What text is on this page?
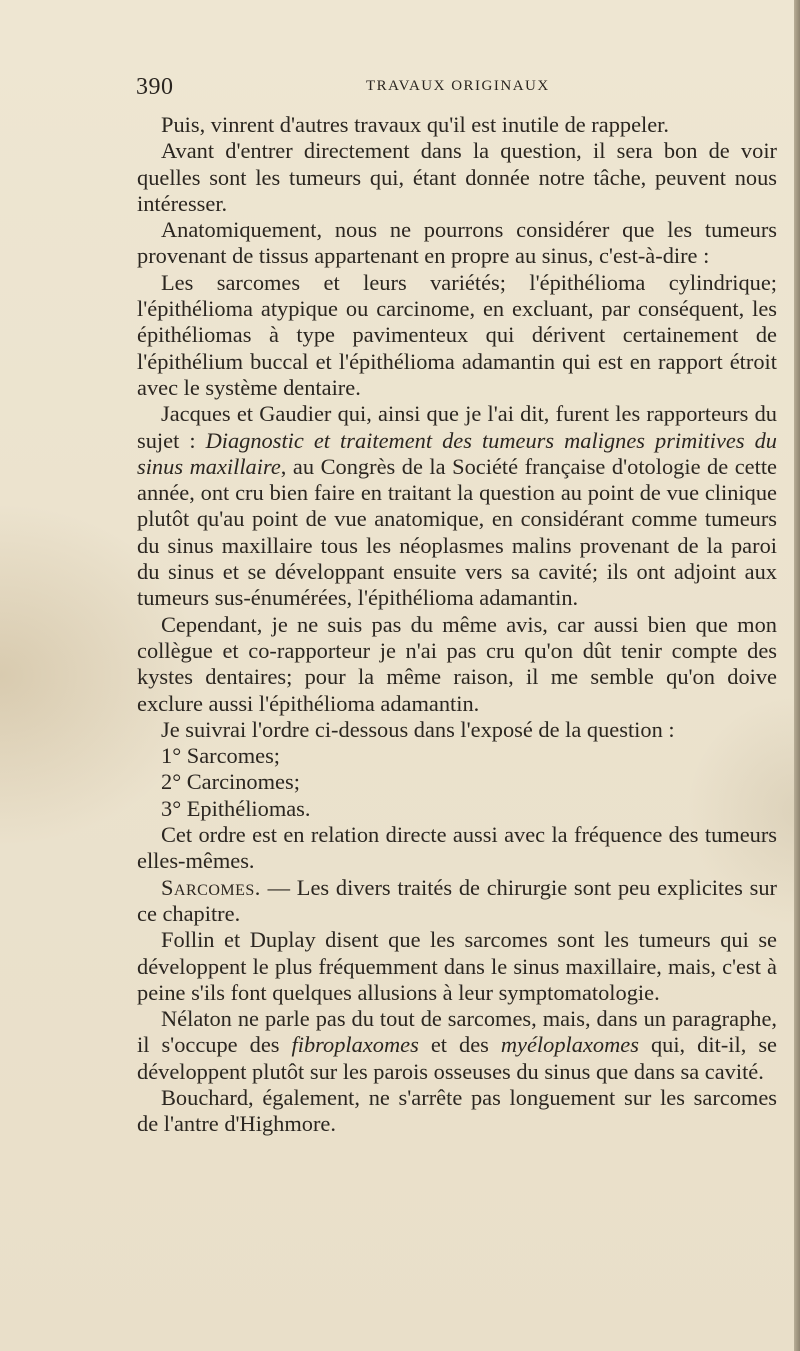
390	TRAVAUX ORIGINAUX

Puis, vinrent d'autres travaux qu'il est inutile de rappeler.

Avant d'entrer directement dans la question, il sera bon de voir quelles sont les tumeurs qui, étant donnée notre tâche, peuvent nous intéresser.

Anatomiquement, nous ne pourrons considérer que les tumeurs provenant de tissus appartenant en propre au sinus, c'est-à-dire :

Les sarcomes et leurs variétés; l'épithélioma cylindrique; l'épithélioma atypique ou carcinome, en excluant, par conséquent, les épithéliomas à type pavimenteux qui dérivent certainement de l'épithélium buccal et l'épithélioma adamantin qui est en rapport étroit avec le système dentaire.

Jacques et Gaudier qui, ainsi que je l'ai dit, furent les rapporteurs du sujet : Diagnostic et traitement des tumeurs malignes primitives du sinus maxillaire, au Congrès de la Société française d'otologie de cette année, ont cru bien faire en traitant la question au point de vue clinique plutôt qu'au point de vue anatomique, en considérant comme tumeurs du sinus maxillaire tous les néoplasmes malins provenant de la paroi du sinus et se développant ensuite vers sa cavité; ils ont adjoint aux tumeurs sus-énumérées, l'épithélioma adamantin.

Cependant, je ne suis pas du même avis, car aussi bien que mon collègue et co-rapporteur je n'ai pas cru qu'on dût tenir compte des kystes dentaires; pour la même raison, il me semble qu'on doive exclure aussi l'épithélioma adamantin.

Je suivrai l'ordre ci-dessous dans l'exposé de la question :

1° Sarcomes;

2° Carcinomes;

3° Epithéliomas.

Cet ordre est en relation directe aussi avec la fréquence des tumeurs elles-mêmes.

Sarcomes. — Les divers traités de chirurgie sont peu explicites sur ce chapitre.

Follin et Duplay disent que les sarcomes sont les tumeurs qui se développent le plus fréquemment dans le sinus maxillaire, mais, c'est à peine s'ils font quelques allusions à leur symptomatologie.

Nélaton ne parle pas du tout de sarcomes, mais, dans un paragraphe, il s'occupe des fibroplaxomes et des myéloplaxomes qui, dit-il, se développent plutôt sur les parois osseuses du sinus que dans sa cavité.

Bouchard, également, ne s'arrête pas longuement sur les sarcomes de l'antre d'Highmore.
